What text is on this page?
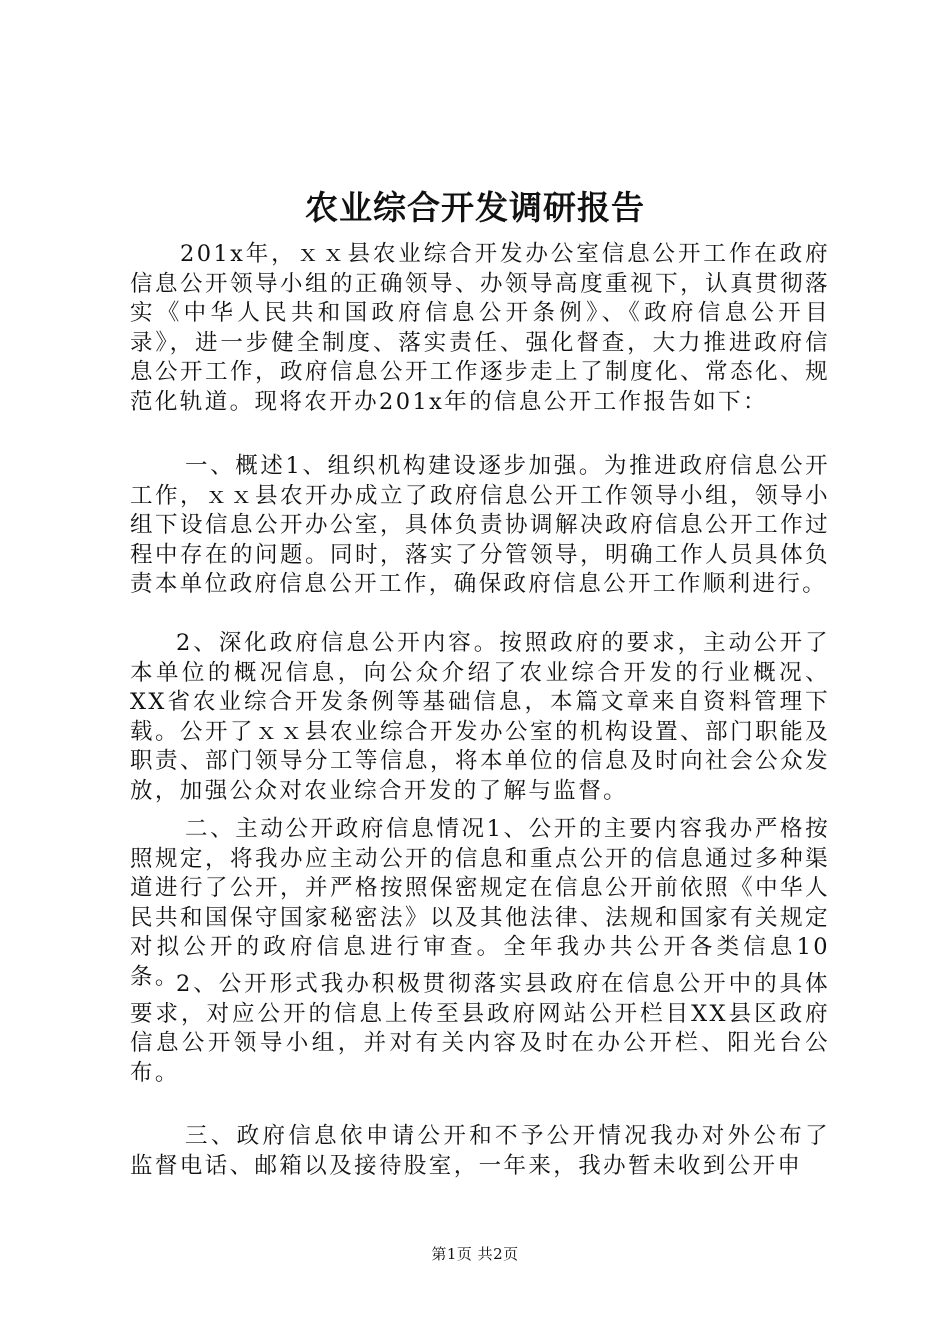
农业综合开发调研报告

201x年，ｘｘ县农业综合开发办公室信息公开工作在政府信息公开领导小组的正确领导、办领导高度重视下，认真贯彻落实《中华人民共和国政府信息公开条例》、《政府信息公开目录》，进一步健全制度、落实责任、强化督查，大力推进政府信息公开工作，政府信息公开工作逐步走上了制度化、常态化、规范化轨道。现将农开办201x年的信息公开工作报告如下：

一、概述1、组织机构建设逐步加强。为推进政府信息公开工作，ｘｘ县农开办成立了政府信息公开工作领导小组，领导小组下设信息公开办公室，具体负责协调解决政府信息公开工作过程中存在的问题。同时，落实了分管领导，明确工作人员具体负责本单位政府信息公开工作，确保政府信息公开工作顺利进行。

2、深化政府信息公开内容。按照政府的要求，主动公开了本单位的概况信息，向公众介绍了农业综合开发的行业概况、XX省农业综合开发条例等基础信息，本篇文章来自资料管理下载。公开了ｘｘ县农业综合开发办公室的机构设置、部门职能及职责、部门领导分工等信息，将本单位的信息及时向社会公众发放，加强公众对农业综合开发的了解与监督。

二、主动公开政府信息情况1、公开的主要内容我办严格按照规定，将我办应主动公开的信息和重点公开的信息通过多种渠道进行了公开，并严格按照保密规定在信息公开前依照《中华人民共和国保守国家秘密法》以及其他法律、法规和国家有关规定对拟公开的政府信息进行审查。全年我办共公开各类信息10条。

2、公开形式我办积极贯彻落实县政府在信息公开中的具体要求，对应公开的信息上传至县政府网站公开栏目XX县区政府信息公开领导小组，并对有关内容及时在办公开栏、阳光台公布。

三、政府信息依申请公开和不予公开情况我办对外公布了监督电话、邮箱以及接待股室，一年来，我办暂未收到公开申

第1页 共2页
